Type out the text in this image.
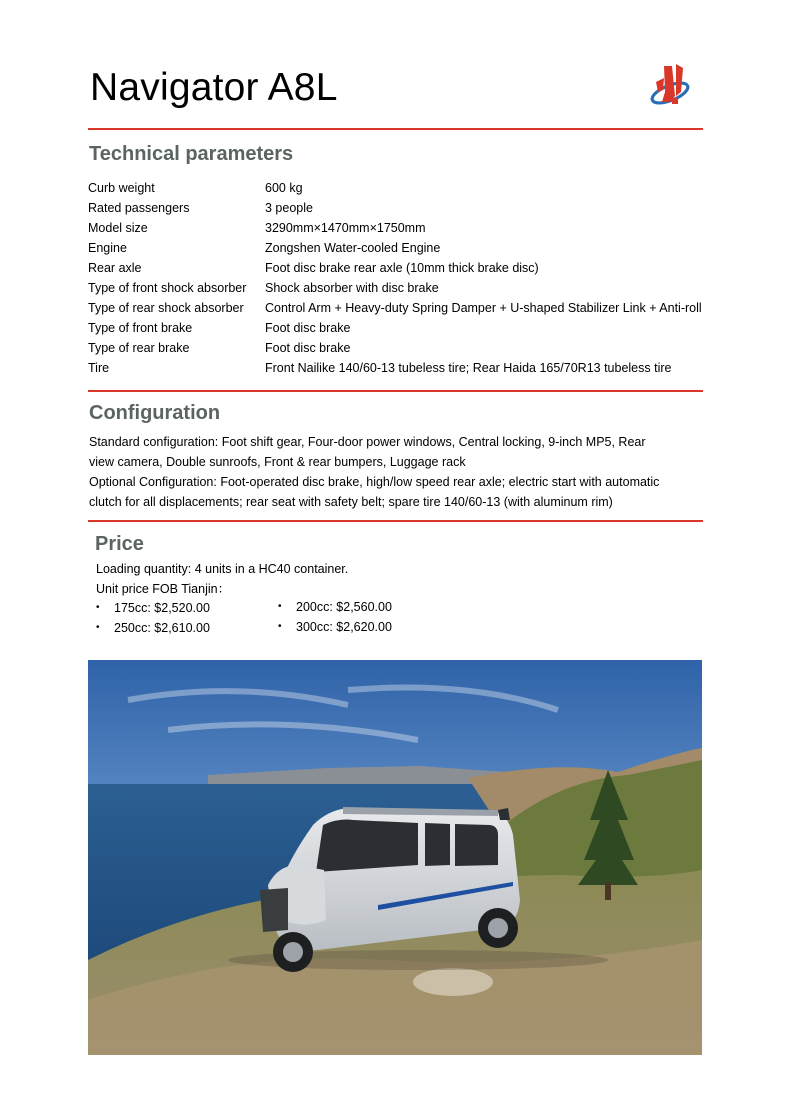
Navigator A8L
Technical parameters
Curb weight	600 kg
Rated passengers	3 people
Model size	3290mm×1470mm×1750mm
Engine	Zongshen Water-cooled Engine
Rear axle	Foot disc brake rear axle (10mm thick brake disc)
Type of front shock absorber	Shock absorber with disc brake
Type of rear shock absorber	Control Arm + Heavy-duty Spring Damper + U-shaped Stabilizer Link + Anti-roll
Type of front brake	Foot disc brake
Type of rear brake	Foot disc brake
Tire	Front Nailike 140/60-13 tubeless tire; Rear Haida 165/70R13 tubeless tire
Configuration

Standard configuration: Foot shift gear, Four-door power windows, Central locking, 9-inch MP5, Rear

view camera, Double sunroofs, Front & rear bumpers, Luggage rack

Optional Configuration: Foot-operated disc brake, high/low speed rear axle; electric start with automatic

clutch for all displacements; rear seat with safety belt; spare tire 140/60-13 (with aluminum rim)

Price

Loading quantity: 4 units in a HC40 container.

Unit price FOB Tianjin：

• 175cc: $2,520.00
• 250cc: $2,610.00
• 200cc: $2,560.00
• 300cc: $2,620.00
